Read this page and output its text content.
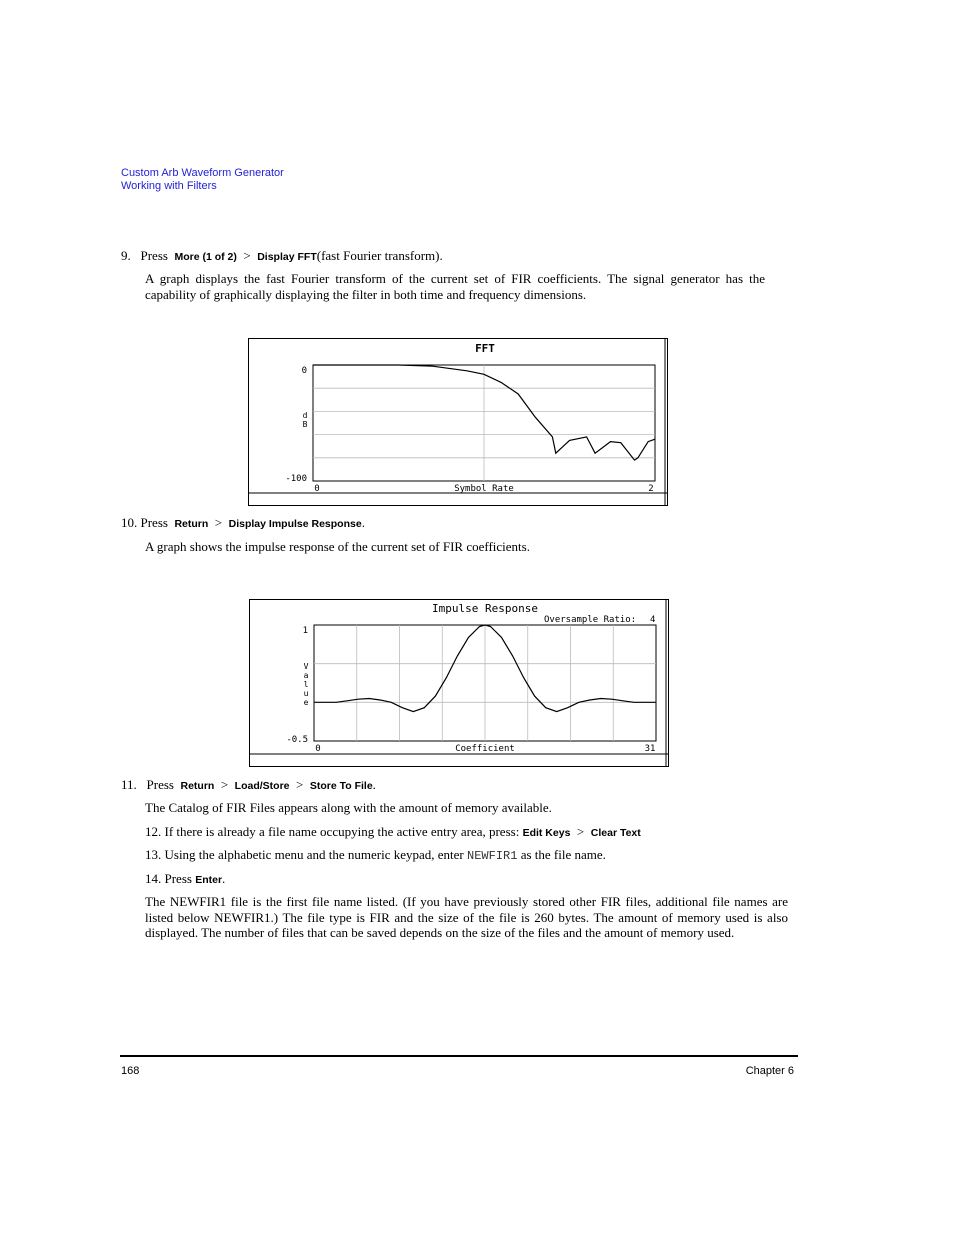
Custom Arb Waveform Generator
Working with Filters
9. Press More (1 of 2) > Display FFT(fast Fourier transform).
A graph displays the fast Fourier transform of the current set of FIR coefficients. The signal generator has the capability of graphically displaying the filter in both time and frequency dimensions.
FFT
0
-100
d
B
0	2
Symbol Rate
10. Press Return > Display Impulse Response.
A graph shows the impulse response of the current set of FIR coefficients.
Impulse Response
Oversample Ratio: 4
1
-0.5
V
a
l
u
e
0	31
Coefficient
11. Press Return > Load/Store > Store To File.
The Catalog of FIR Files appears along with the amount of memory available.
12. If there is already a file name occupying the active entry area, press: Edit Keys > Clear Text
13. Using the alphabetic menu and the numeric keypad, enter NEWFIR1 as the file name.
14. Press Enter.
The NEWFIR1 file is the first file name listed. (If you have previously stored other FIR files, additional file names are listed below NEWFIR1.) The file type is FIR and the size of the file is 260 bytes. The amount of memory used is also displayed. The number of files that can be saved depends on the size of the files and the amount of memory used.
168	Chapter 6
